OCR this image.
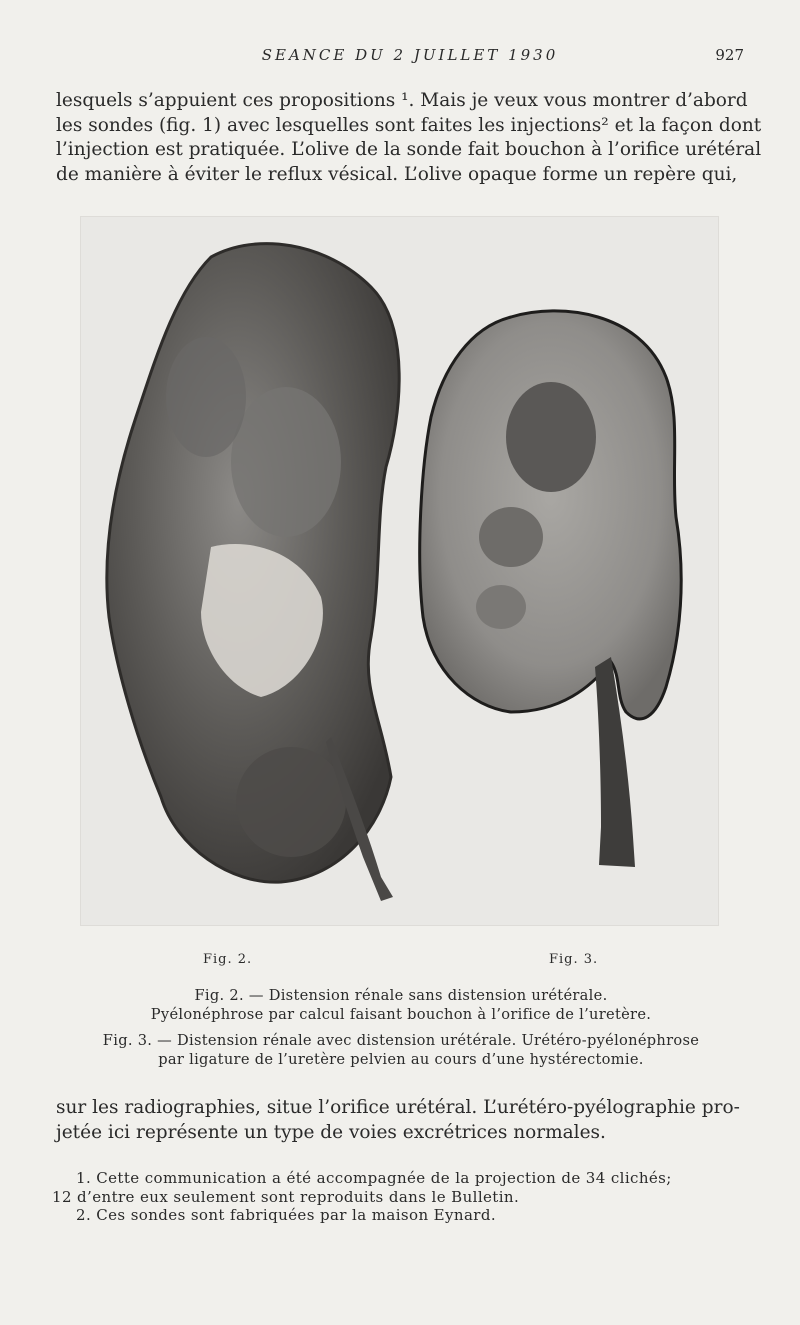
SEANCE DU 2 JUILLET 1930	927
lesquels s’appuient ces propositions ¹. Mais je veux vous montrer d’abord
les sondes (fig. 1) avec lesquelles sont faites les injections² et la façon dont
l’injection est pratiquée. L’olive de la sonde fait bouchon à l’orifice urétéral
de manière à éviter le reflux vésical. L’olive opaque forme un repère qui,
Fig. 2.	Fig. 3.
Fig. 2. — Distension rénale sans distension urétérale.
Pyélonéphrose par calcul faisant bouchon à l’orifice de l’uretère.
Fig. 3. — Distension rénale avec distension urétérale. Urétéro-pyélonéphrose
par ligature de l’uretère pelvien au cours d’une hystérectomie.
sur les radiographies, situe l’orifice urétéral. L’urétéro-pyélographie pro-
jetée ici représente un type de voies excrétrices normales.
1. Cette communication a été accompagnée de la projection de 34 clichés;
12 d’entre eux seulement sont reproduits dans le Bulletin.
2. Ces sondes sont fabriquées par la maison Eynard.
